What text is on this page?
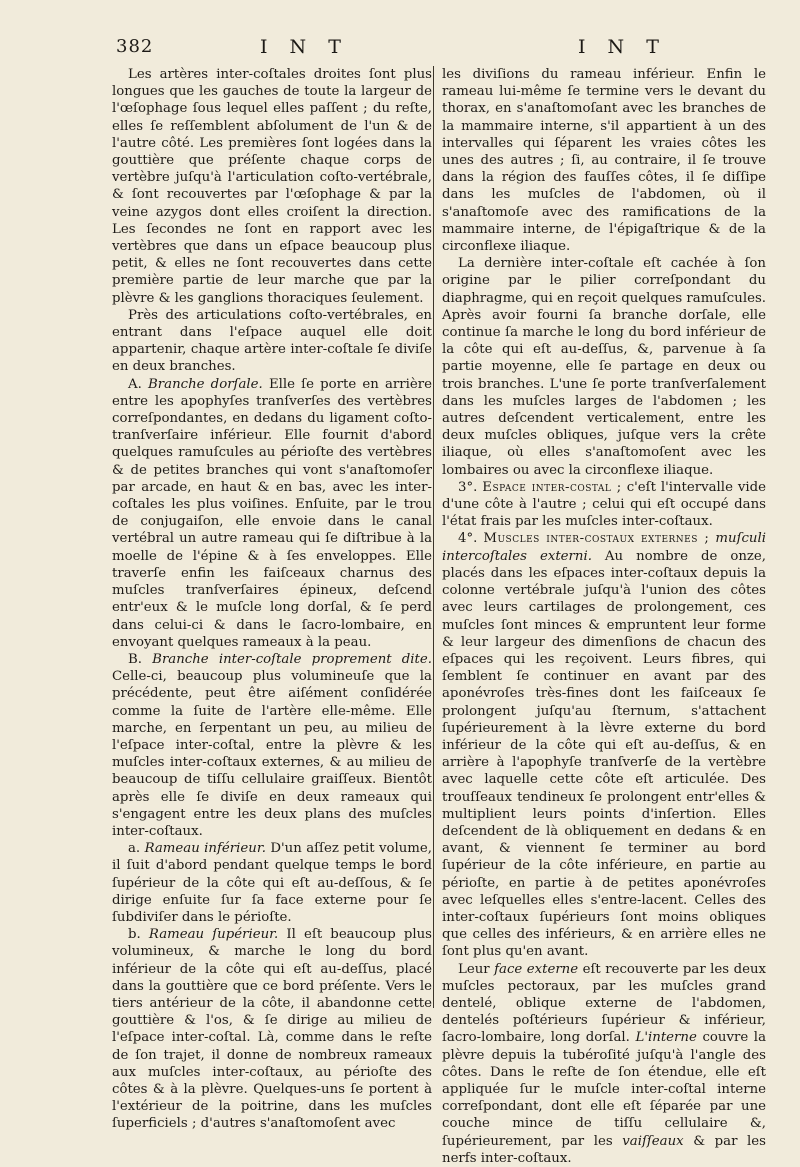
382	I N T	I N T

Les artères inter-coſtales droites ſont plus longues que les gauches de toute la largeur de l'œſophage ſous lequel elles paſſent ; du reſte, elles ſe reſſemblent abſolument de l'un & de l'autre côté. Les premières ſont logées dans la gouttière que préſente chaque corps de vertèbre juſqu'à l'articulation coſto-vertébrale, & ſont recouvertes par l'œſophage & par la veine azygos dont elles croiſent la direction. Les ſecondes ne ſont en rapport avec les vertèbres que dans un eſpace beaucoup plus petit, & elles ne ſont recouvertes dans cette première partie de leur marche que par la plèvre & les ganglions thoraciques ſeulement.

Près des articulations coſto-vertébrales, en entrant dans l'eſpace auquel elle doit appartenir, chaque artère inter-coſtale ſe diviſe en deux branches.

A. Branche dorſale. Elle ſe porte en arrière entre les apophyſes tranſverſes des vertèbres correſpondantes, en dedans du ligament coſto-tranſverſaire inférieur. Elle fournit d'abord quelques ramuſcules au périoſte des vertèbres & de petites branches qui vont s'anaſtomoſer par arcade, en haut & en bas, avec les inter-coſtales les plus voiſines. Enſuite, par le trou de conjugaiſon, elle envoie dans le canal vertébral un autre rameau qui ſe diſtribue à la moelle de l'épine & à ſes enveloppes. Elle traverſe enfin les faiſceaux charnus des muſcles tranſverſaires épineux, deſcend entr'eux & le muſcle long dorſal, & ſe perd dans celui-ci & dans le ſacro-lombaire, en envoyant quelques rameaux à la peau.

B. Branche inter-coſtale proprement dite. Celle-ci, beaucoup plus volumineuſe que la précédente, peut être aiſément conſidérée comme la ſuite de l'artère elle-même. Elle marche, en ſerpentant un peu, au milieu de l'eſpace inter-coſtal, entre la plèvre & les muſcles inter-coſtaux externes, & au milieu de beaucoup de tiſſu cellulaire graiſſeux. Bientôt après elle ſe diviſe en deux rameaux qui s'engagent entre les deux plans des muſcles inter-coſtaux.

a. Rameau inférieur. D'un aſſez petit volume, il ſuit d'abord pendant quelque temps le bord ſupérieur de la côte qui eſt au-deſſous, & ſe dirige enſuite ſur ſa face externe pour ſe ſubdiviſer dans le périoſte.

b. Rameau ſupérieur. Il eſt beaucoup plus volumineux, & marche le long du bord inférieur de la côte qui eſt au-deſſus, placé dans la gouttière que ce bord préſente. Vers le tiers antérieur de la côte, il abandonne cette gouttière & l'os, & ſe dirige au milieu de l'eſpace inter-coſtal. Là, comme dans le reſte de ſon trajet, il donne de nombreux rameaux aux muſcles inter-coſtaux, au périoſte des côtes & à la plèvre. Quelques-uns ſe portent à l'extérieur de la poitrine, dans les muſcles ſuperficiels ; d'autres s'anaſtomoſent avec

les diviſions du rameau inférieur. Enfin le rameau lui-même ſe termine vers le devant du thorax, en s'anaſtomoſant avec les branches de la mammaire interne, s'il appartient à un des intervalles qui ſéparent les vraies côtes les unes des autres ; ſi, au contraire, il ſe trouve dans la région des fauſſes côtes, il ſe diſſipe dans les muſcles de l'abdomen, où il s'anaſtomoſe avec des ramifications de la mammaire interne, de l'épigaſtrique & de la circonflexe iliaque.

La dernière inter-coſtale eſt cachée à ſon origine par le pilier correſpondant du diaphragme, qui en reçoit quelques ramuſcules. Après avoir fourni ſa branche dorſale, elle continue ſa marche le long du bord inférieur de la côte qui eſt au-deſſus, &, parvenue à ſa partie moyenne, elle ſe partage en deux ou trois branches. L'une ſe porte tranſverſalement dans les muſcles larges de l'abdomen ; les autres deſcendent verticalement, entre les deux muſcles obliques, juſque vers la crête iliaque, où elles s'anaſtomoſent avec les lombaires ou avec la circonflexe iliaque.

3°. Espace inter-costal ; c'eſt l'intervalle vide d'une côte à l'autre ; celui qui eſt occupé dans l'état frais par les muſcles inter-coſtaux.

4°. Muscles inter-costaux externes ; muſculi intercoſtales externi. Au nombre de onze, placés dans les eſpaces inter-coſtaux depuis la colonne vertébrale juſqu'à l'union des côtes avec leurs cartilages de prolongement, ces muſcles ſont minces & empruntent leur forme & leur largeur des dimenſions de chacun des eſpaces qui les reçoivent. Leurs fibres, qui ſemblent ſe continuer en avant par des aponévroſes très-fines dont les faiſceaux ſe prolongent juſqu'au ſternum, s'attachent ſupérieurement à la lèvre externe du bord inférieur de la côte qui eſt au-deſſus, & en arrière à l'apophyſe tranſverſe de la vertèbre avec laquelle cette côte eſt articulée. Des trouſſeaux tendineux ſe prolongent entr'elles & multiplient leurs points d'inſertion. Elles deſcendent de là obliquement en dedans & en avant, & viennent ſe terminer au bord ſupérieur de la côte inférieure, en partie au périoſte, en partie à de petites aponévroſes avec leſquelles elles s'entre-lacent. Celles des inter-coſtaux ſupérieurs ſont moins obliques que celles des inférieurs, & en arrière elles ne ſont plus qu'en avant.

Leur face externe eſt recouverte par les deux muſcles pectoraux, par les muſcles grand dentelé, oblique externe de l'abdomen, dentelés poſtérieurs ſupérieur & inférieur, ſacro-lombaire, long dorſal. L'interne couvre la plèvre depuis la tubéroſité juſqu'à l'angle des côtes. Dans le reſte de ſon étendue, elle eſt appliquée ſur le muſcle inter-coſtal interne correſpondant, dont elle eſt ſéparée par une couche mince de tiſſu cellulaire &, ſupérieurement, par les vaiſſeaux & par les nerfs inter-coſtaux.
